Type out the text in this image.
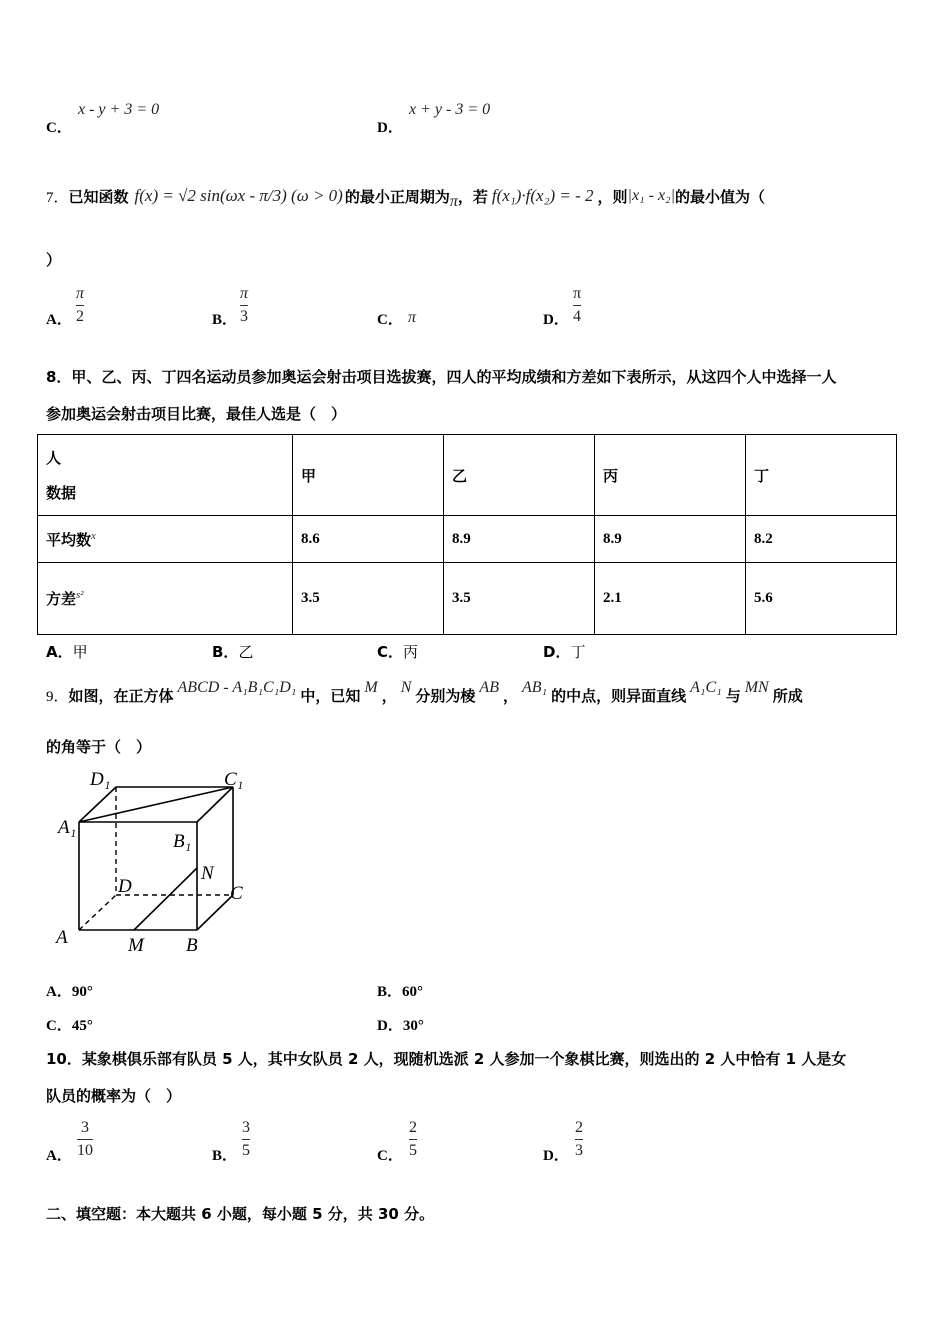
C．
x - y + 3 = 0
D．
x + y - 3 = 0
7． 已知函数 f(x) = √2 sin(ωx - π/3) (ω > 0) 的最小正周期为 π ，若 f(x₁)·f(x₂) = - 2 ，则 |x₁ - x₂| 的最小值为（
）
A．
π
2	B．
π
3	C． π	D．
π
4
8．甲、乙、丙、丁四名运动员参加奥运会射击项目选拔赛，四人的平均成绩和方差如下表所示，从这四个人中选择一人
参加奥运会射击项目比赛，最佳人选是（　）
人
数据	甲	乙	丙	丁
平均数$^x$	8.6	8.9	8.9	8.2
方差$^{s^2}$	3.5	3.5	2.1	5.6
A．甲	B．乙	C．丙	D．丁
9． 如图，在正方体 ABCD - A₁B₁C₁D₁ 中，已知 M ， N 分别为棱 AB ， AB₁ 的中点，则异面直线 A₁C₁ 与 MN 所成
的角等于（　）
D₁	C₁
A₁
B₁
N
D	C
A	M B
A．90°	B．60°
C．45°	D．30°
10．某象棋俱乐部有队员 5 人，其中女队员 2 人，现随机选派 2 人参加一个象棋比赛，则选出的 2 人中恰有 1 人是女
队员的概率为（　）
A．
3
10	B．
3
5	C．
2
5	D．
2
3
二、填空题：本大题共 6 小题，每小题 5 分，共 30 分。
